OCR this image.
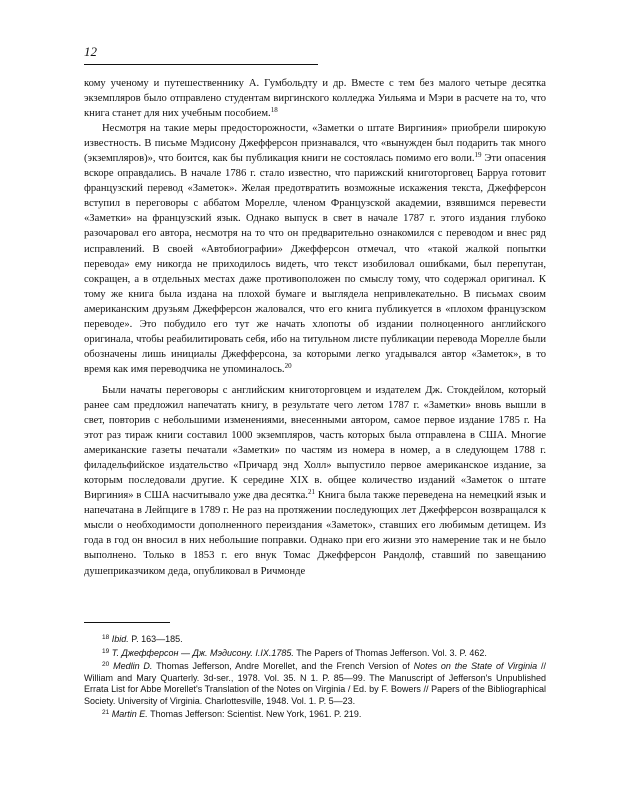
12

кому ученому и путешественнику А. Гумбольдту и др. Вместе с тем без малого четыре десятка экземпляров было отправлено студентам виргинского колледжа Уильяма и Мэри в расчете на то, что книга станет для них учебным пособием.$^{18}$

Несмотря на такие меры предосторожности, «Заметки о штате Виргиния» приобрели широкую известность. В письме Мэдисону Джефферсон признавался, что «вынужден был подарить так много (экземпляров)», что боится, как бы публикация книги не состоялась помимо его воли.$^{19}$ Эти опасения вскоре оправдались. В начале 1786 г. стало известно, что парижский книготорговец Барруа готовит французский перевод «Заметок». Желая предотвратить возможные искажения текста, Джефферсон вступил в переговоры с аббатом Морелле, членом Французской академии, взявшимся перевести «Заметки» на французский язык. Однако выпуск в свет в начале 1787 г. этого издания глубоко разочаровал его автора, несмотря на то что он предварительно ознакомился с переводом и внес ряд исправлений. В своей «Автобиографии» Джефферсон отмечал, что «такой жалкой попытки перевода» ему никогда не приходилось видеть, что текст изобиловал ошибками, был перепутан, сокращен, а в отдельных местах даже противоположен по смыслу тому, что содержал оригинал. К тому же книга была издана на плохой бумаге и выглядела непривлекательно. В письмах своим американским друзьям Джефферсон жаловался, что его книга публикуется в «плохом французском переводе». Это побудило его тут же начать хлопоты об издании полноценного английского оригинала, чтобы реабилитировать себя, ибо на титульном листе публикации перевода Морелле были обозначены лишь инициалы Джефферсона, за которыми легко угадывался автор «Заметок», в то время как имя переводчика не упоминалось.$^{20}$

Были начаты переговоры с английским книготорговцем и издателем Дж. Стокдейлом, который ранее сам предложил напечатать книгу, в результате чего летом 1787 г. «Заметки» вновь вышли в свет, повторив с небольшими изменениями, внесенными автором, самое первое издание 1785 г. На этот раз тираж книги составил 1000 экземпляров, часть которых была отправлена в США. Многие американские газеты печатали «Заметки» по частям из номера в номер, а в следующем 1788 г. филадельфийское издательство «Причард энд Холл» выпустило первое американское издание, за которым последовали другие. К середине XIX в. общее количество изданий «Заметок о штате Виргиния» в США насчитывало уже два десятка.$^{21}$ Книга была также переведена на немецкий язык и напечатана в Лейпциге в 1789 г. Не раз на протяжении последующих лет Джефферсон возвращался к мысли о необходимости дополненного переиздания «Заметок», ставших его любимым детищем. Из года в год он вносил в них небольшие поправки. Однако при его жизни это намерение так и не было выполнено. Только в 1853 г. его внук Томас Джефферсон Рандолф, ставший по завещанию душеприказчиком деда, опубликовал в Ричмонде

$^{18}$ Ibid. P. 163—185.

$^{19}$ Т. Джефферсон — Дж. Мэдисону. I.IX.1785. The Papers of Thomas Jefferson. Vol. 3. P. 462.

$^{20}$ Medlin D. Thomas Jefferson, Andre Morellet, and the French Version of Notes on the State of Virginia // William and Mary Quarterly. 3d-ser., 1978. Vol. 35. N 1. P. 85—99. The Manuscript of Jefferson's Unpublished Errata List for Abbe Morellet's Translation of the Notes on Virginia / Ed. by F. Bowers // Papers of the Bibliographical Society. University of Virginia. Charlottesville, 1948. Vol. 1. P. 5—23.

$^{21}$ Martin E. Thomas Jefferson: Scientist. New York, 1961. P. 219.
